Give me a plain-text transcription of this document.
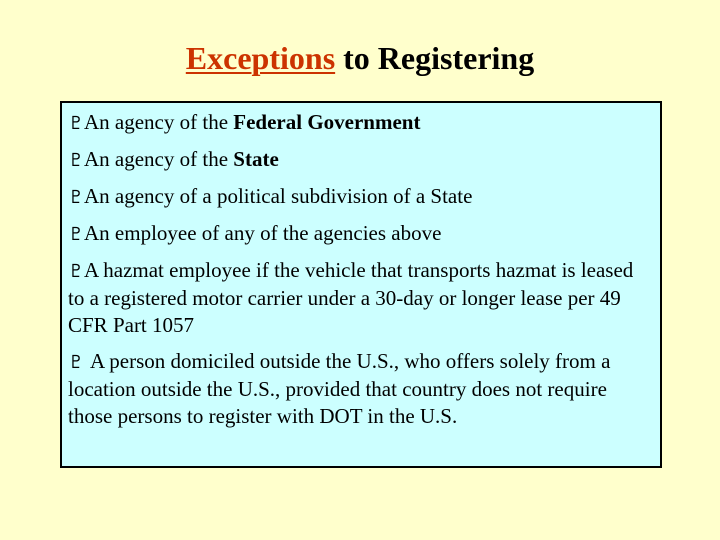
Exceptions to Registering
♇An agency of the Federal Government
♇An agency of the State
♇An agency of a political subdivision of a State
♇An employee of any of the agencies above
♇A hazmat employee if the vehicle that transports hazmat is leased to a registered motor carrier under a 30-day or longer lease per 49 CFR Part 1057
♇ A person domiciled outside the U.S., who offers solely from a location outside the U.S., provided that country does not require those persons to register with DOT in the U.S.
